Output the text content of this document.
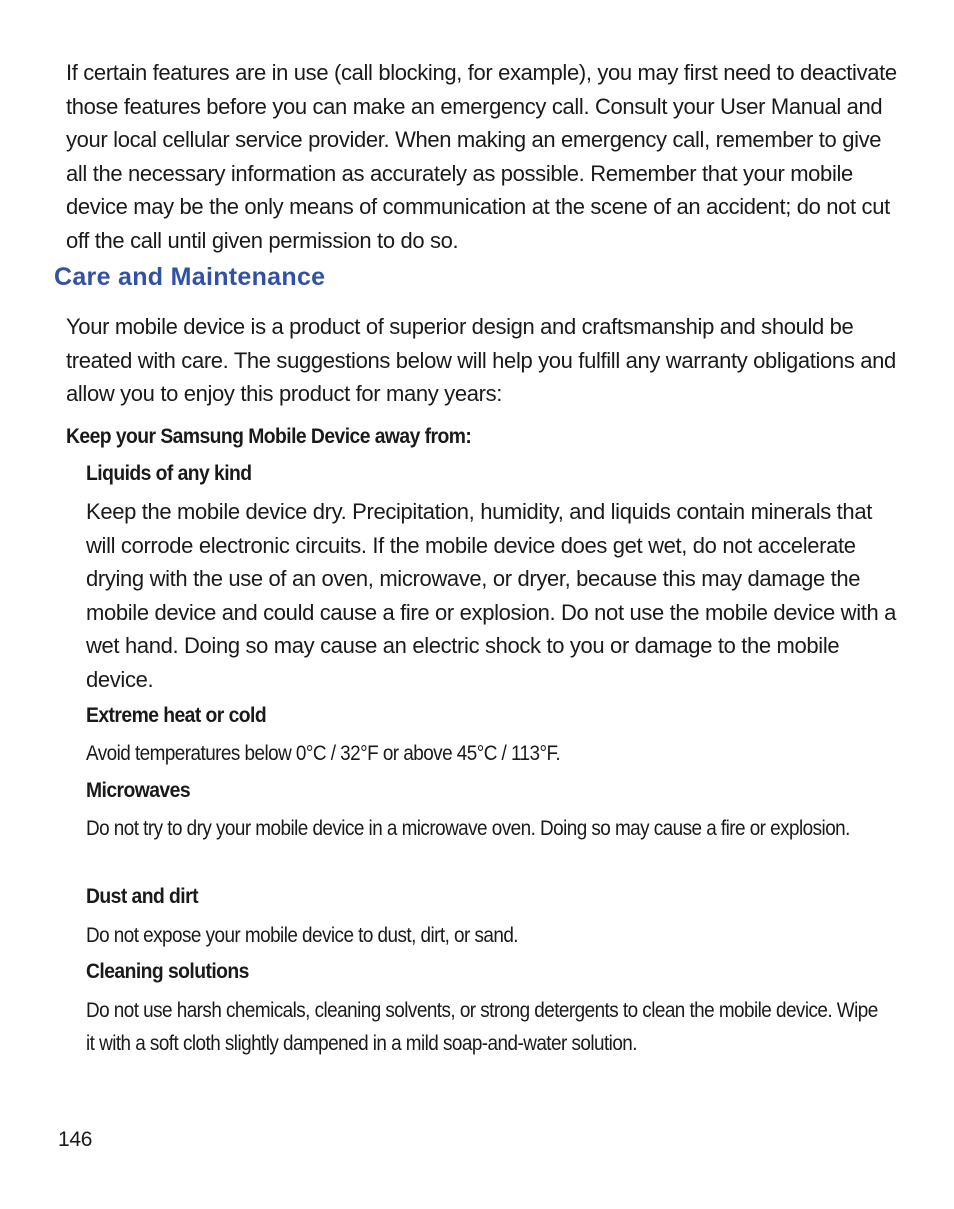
If certain features are in use (call blocking, for example), you may first need to deactivate those features before you can make an emergency call. Consult your User Manual and your local cellular service provider. When making an emergency call, remember to give all the necessary information as accurately as possible. Remember that your mobile device may be the only means of communication at the scene of an accident; do not cut off the call until given permission to do so.

Care and Maintenance

Your mobile device is a product of superior design and craftsmanship and should be treated with care. The suggestions below will help you fulfill any warranty obligations and allow you to enjoy this product for many years:

Keep your Samsung Mobile Device away from:
Liquids of any kind

Keep the mobile device dry. Precipitation, humidity, and liquids contain minerals that will corrode electronic circuits. If the mobile device does get wet, do not accelerate drying with the use of an oven, microwave, or dryer, because this may damage the mobile device and could cause a fire or explosion. Do not use the mobile device with a wet hand. Doing so may cause an electric shock to you or damage to the mobile device.

Extreme heat or cold

Avoid temperatures below 0°C / 32°F or above 45°C / 113°F.

Microwaves

Do not try to dry your mobile device in a microwave oven. Doing so may cause a fire or explosion.

Dust and dirt

Do not expose your mobile device to dust, dirt, or sand.

Cleaning solutions

Do not use harsh chemicals, cleaning solvents, or strong detergents to clean the mobile device. Wipe it with a soft cloth slightly dampened in a mild soap-and-water solution.

146
